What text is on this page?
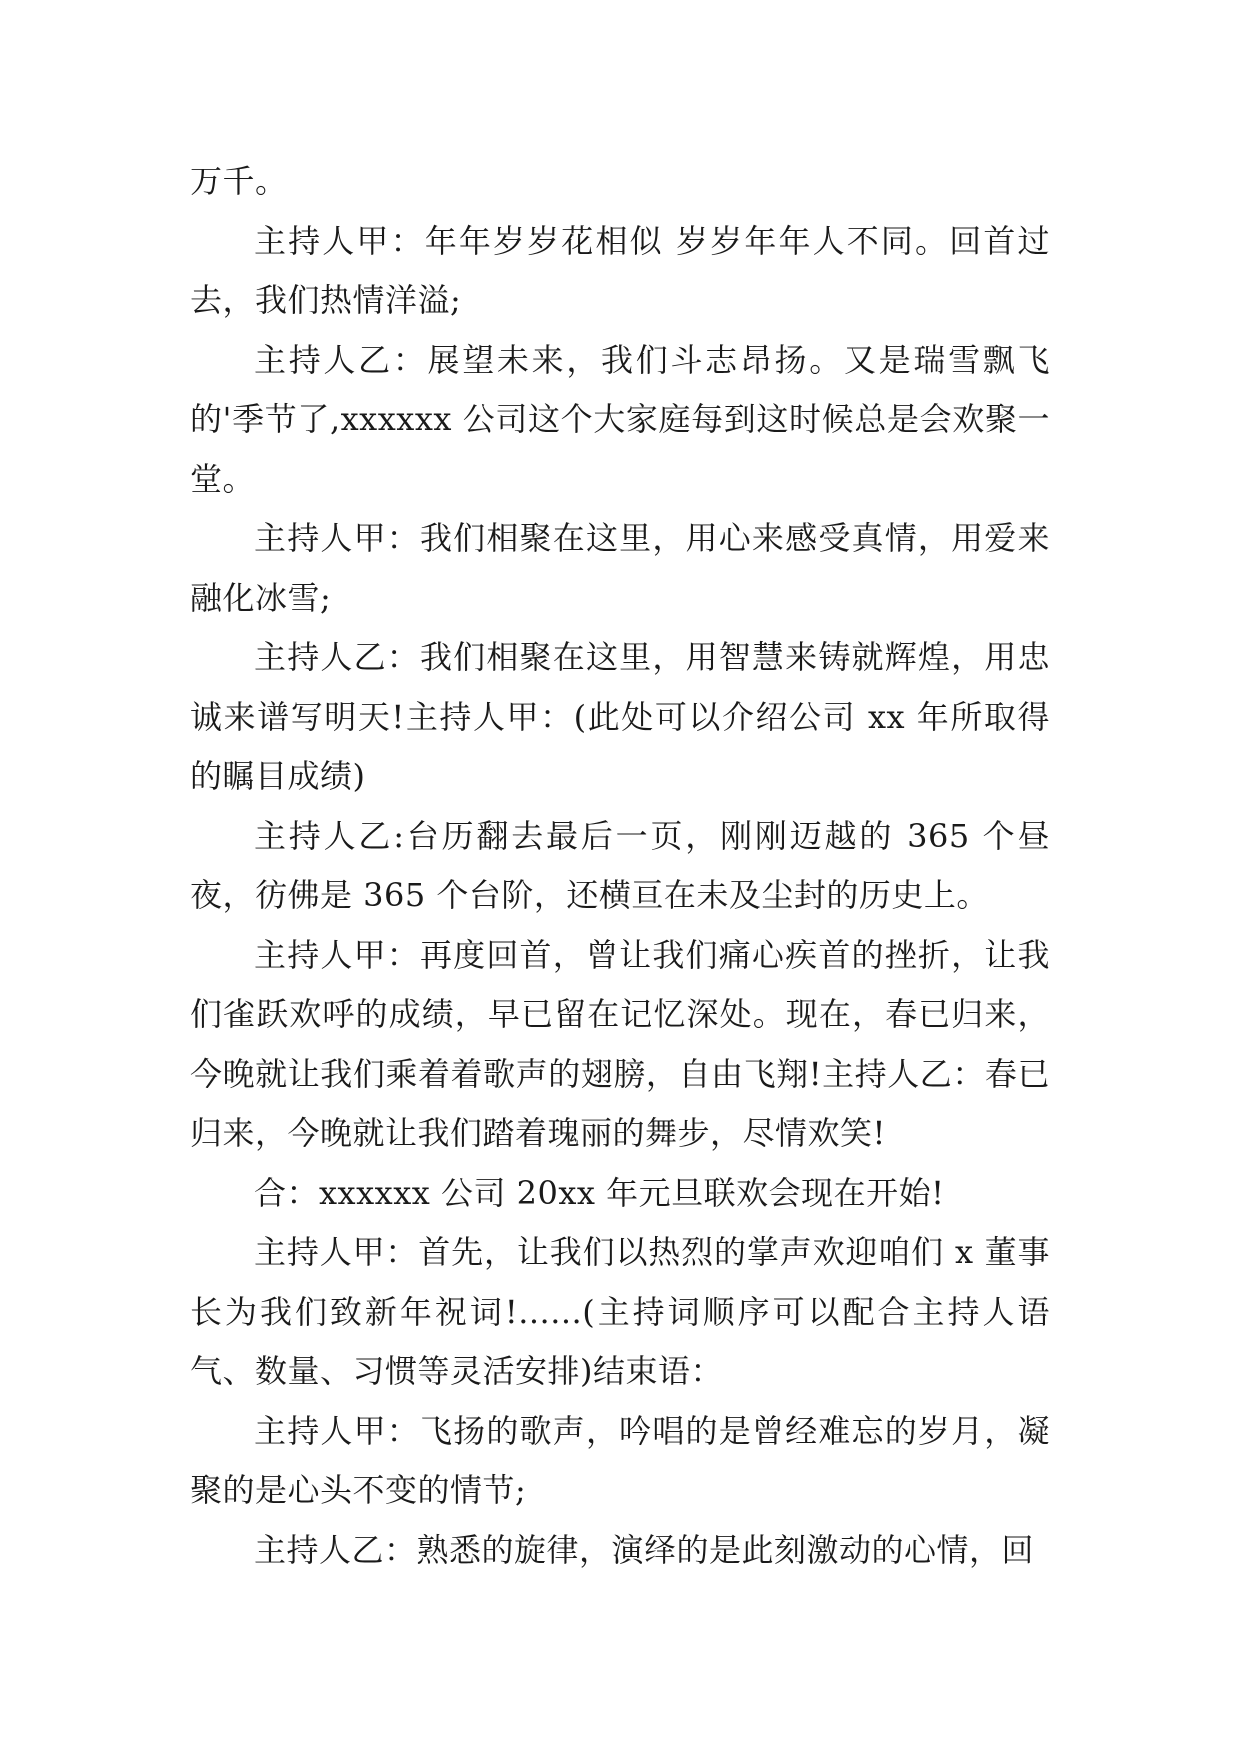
万千。

主持人甲：年年岁岁花相似 岁岁年年人不同。回首过去，我们热情洋溢;

主持人乙：展望未来，我们斗志昂扬。又是瑞雪飘飞的'季节了,xxxxxx 公司这个大家庭每到这时候总是会欢聚一堂。

主持人甲：我们相聚在这里，用心来感受真情，用爱来融化冰雪;

主持人乙：我们相聚在这里，用智慧来铸就辉煌，用忠诚来谱写明天!主持人甲：(此处可以介绍公司 xx 年所取得的瞩目成绩)

主持人乙:台历翻去最后一页，刚刚迈越的 365 个昼夜，彷佛是 365 个台阶，还横亘在未及尘封的历史上。

主持人甲：再度回首，曾让我们痛心疾首的挫折，让我们雀跃欢呼的成绩，早已留在记忆深处。现在，春已归来，今晚就让我们乘着着歌声的翅膀，自由飞翔!主持人乙：春已归来，今晚就让我们踏着瑰丽的舞步，尽情欢笑!

合：xxxxxx 公司 20xx 年元旦联欢会现在开始!

主持人甲：首先，让我们以热烈的掌声欢迎咱们 x 董事长为我们致新年祝词!......(主持词顺序可以配合主持人语气、数量、习惯等灵活安排)结束语：

主持人甲：飞扬的歌声，吟唱的是曾经难忘的岁月，凝聚的是心头不变的情节;

主持人乙：熟悉的旋律，演绎的是此刻激动的心情，回
